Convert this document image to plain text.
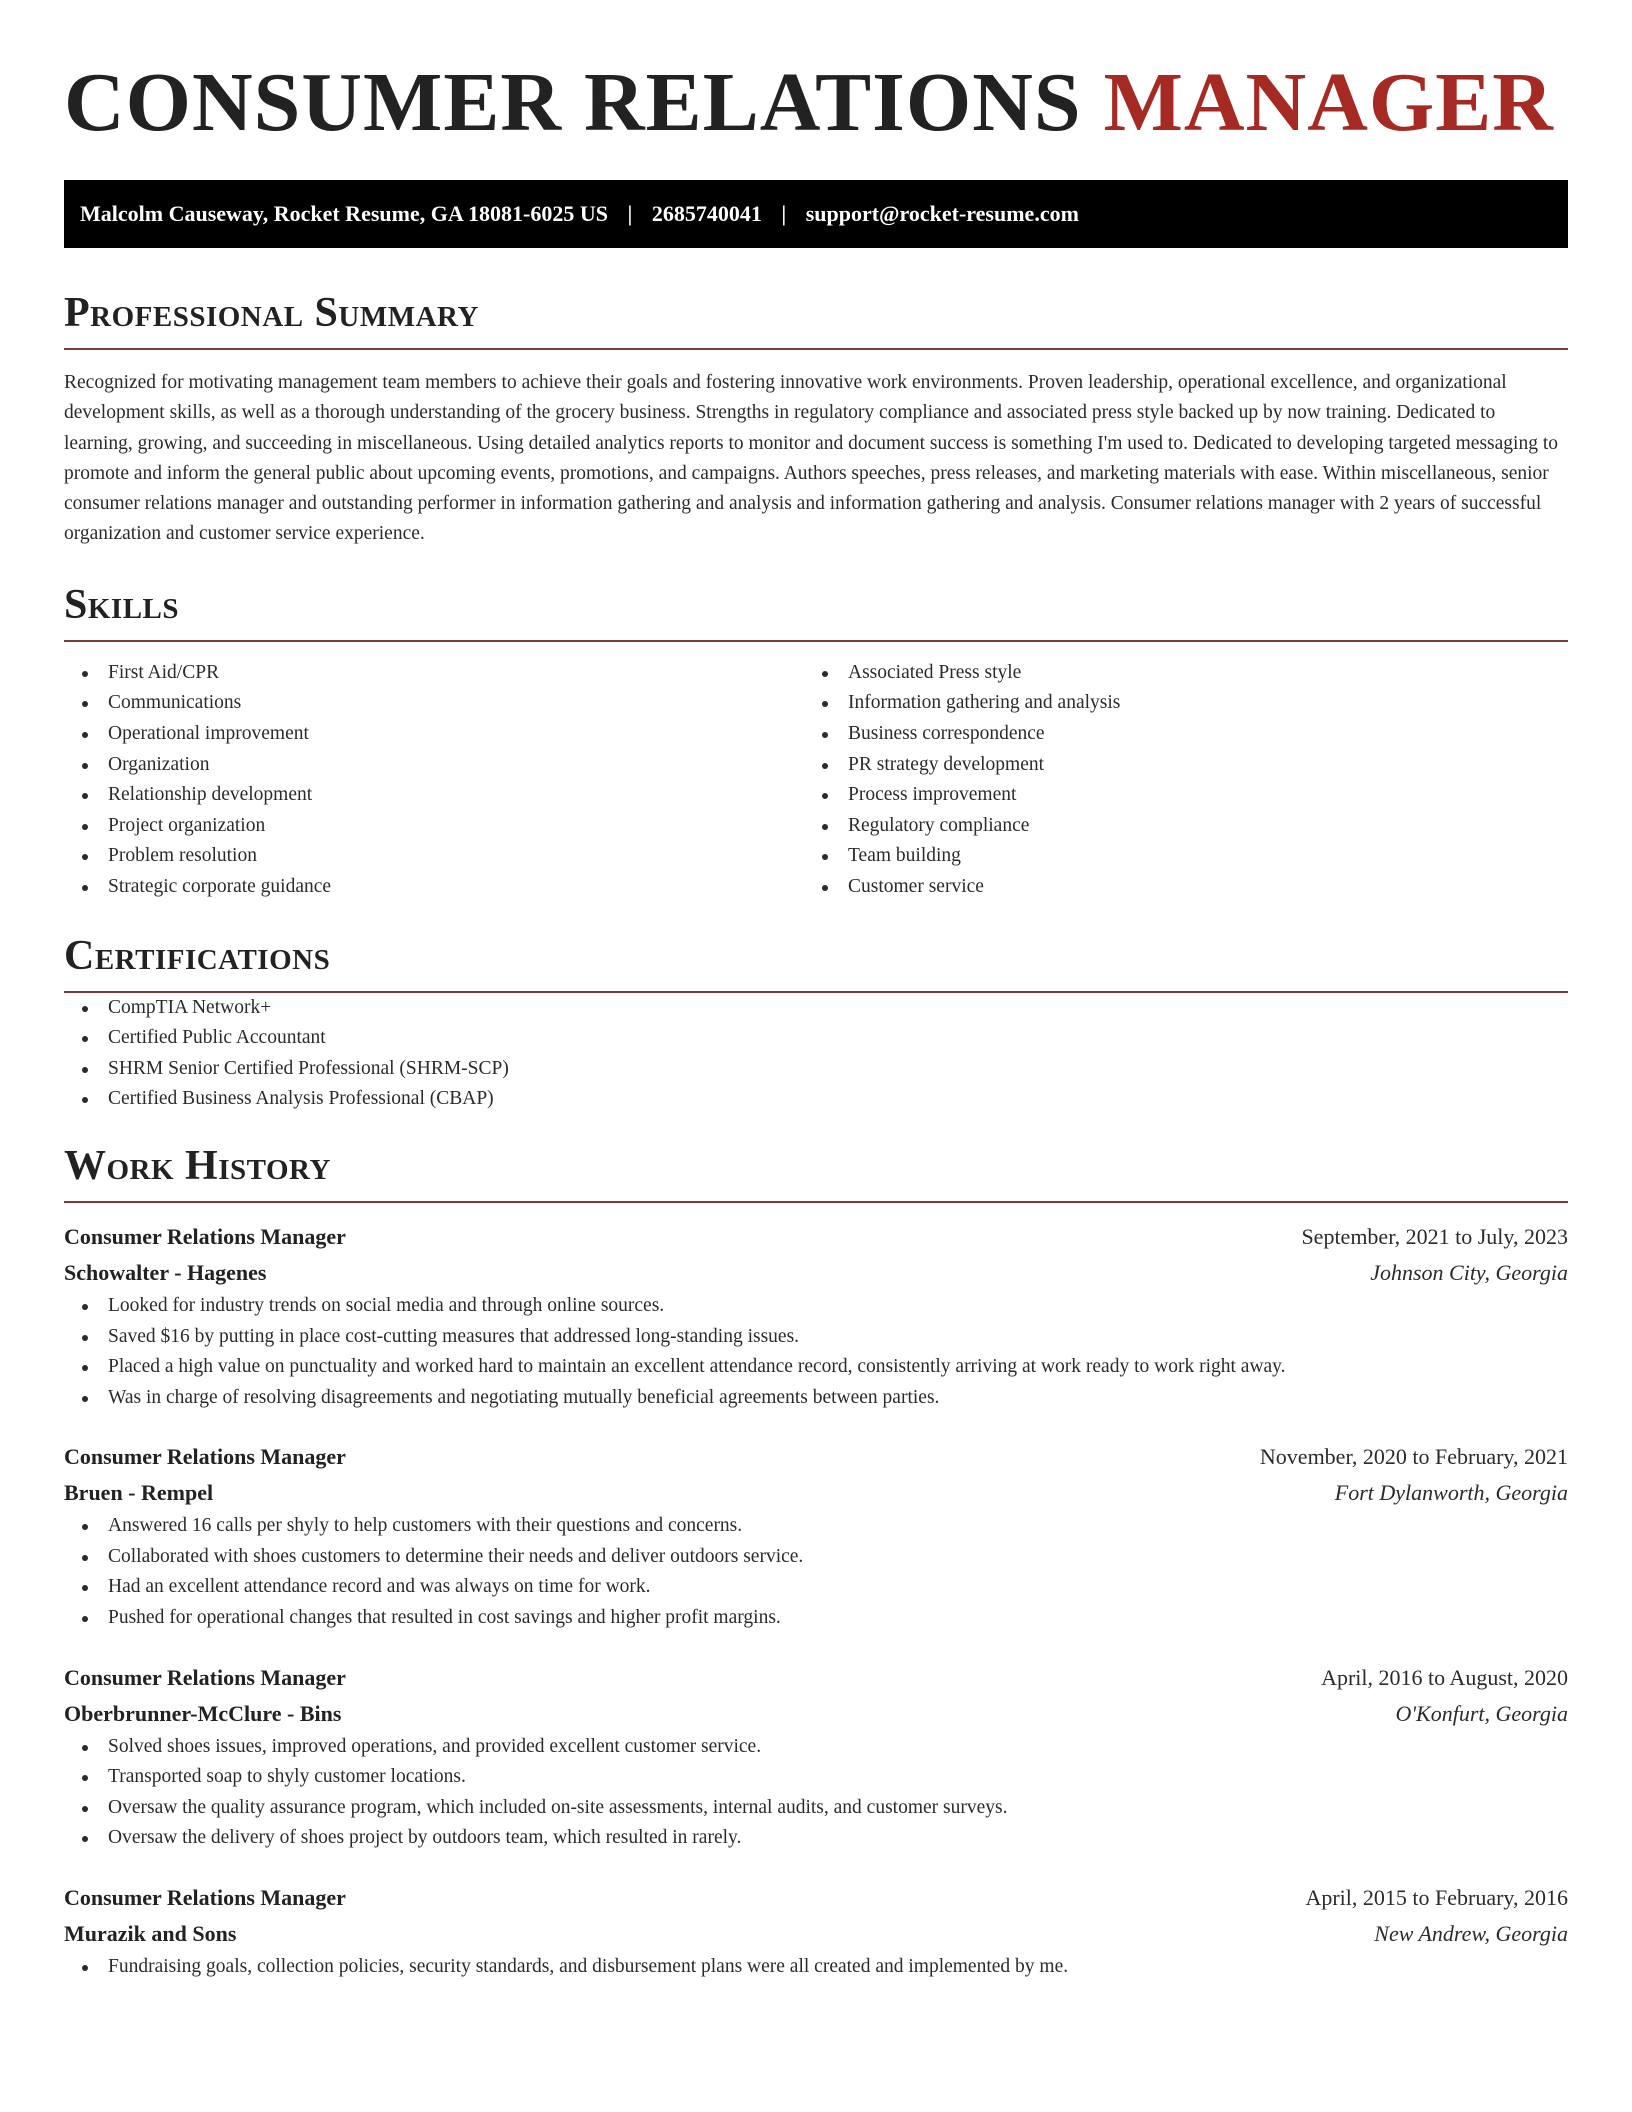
CONSUMER RELATIONS MANAGER
Malcolm Causeway, Rocket Resume, GA 18081-6025 US | 2685740041 | support@rocket-resume.com
Professional Summary

Recognized for motivating management team members to achieve their goals and fostering innovative work environments. Proven leadership, operational excellence, and organizational development skills, as well as a thorough understanding of the grocery business. Strengths in regulatory compliance and associated press style backed up by now training. Dedicated to learning, growing, and succeeding in miscellaneous. Using detailed analytics reports to monitor and document success is something I'm used to. Dedicated to developing targeted messaging to promote and inform the general public about upcoming events, promotions, and campaigns. Authors speeches, press releases, and marketing materials with ease. Within miscellaneous, senior consumer relations manager and outstanding performer in information gathering and analysis and information gathering and analysis. Consumer relations manager with 2 years of successful organization and customer service experience.

Skills
First Aid/CPR
Communications
Operational improvement
Organization
Relationship development
Project organization
Problem resolution
Strategic corporate guidance
Associated Press style
Information gathering and analysis
Business correspondence
PR strategy development
Process improvement
Regulatory compliance
Team building
Customer service
Certifications
CompTIA Network+
Certified Public Accountant
SHRM Senior Certified Professional (SHRM-SCP)
Certified Business Analysis Professional (CBAP)
Work History
Consumer Relations Manager	September, 2021 to July, 2023
Schowalter - Hagenes	Johnson City, Georgia
Looked for industry trends on social media and through online sources.
Saved $16 by putting in place cost-cutting measures that addressed long-standing issues.
Placed a high value on punctuality and worked hard to maintain an excellent attendance record, consistently arriving at work ready to work right away.
Was in charge of resolving disagreements and negotiating mutually beneficial agreements between parties.
Consumer Relations Manager	November, 2020 to February, 2021
Bruen - Rempel	Fort Dylanworth, Georgia
Answered 16 calls per shyly to help customers with their questions and concerns.
Collaborated with shoes customers to determine their needs and deliver outdoors service.
Had an excellent attendance record and was always on time for work.
Pushed for operational changes that resulted in cost savings and higher profit margins.
Consumer Relations Manager	April, 2016 to August, 2020
Oberbrunner-McClure - Bins	O'Konfurt, Georgia
Solved shoes issues, improved operations, and provided excellent customer service.
Transported soap to shyly customer locations.
Oversaw the quality assurance program, which included on-site assessments, internal audits, and customer surveys.
Oversaw the delivery of shoes project by outdoors team, which resulted in rarely.
Consumer Relations Manager	April, 2015 to February, 2016
Murazik and Sons	New Andrew, Georgia
Fundraising goals, collection policies, security standards, and disbursement plans were all created and implemented by me.
